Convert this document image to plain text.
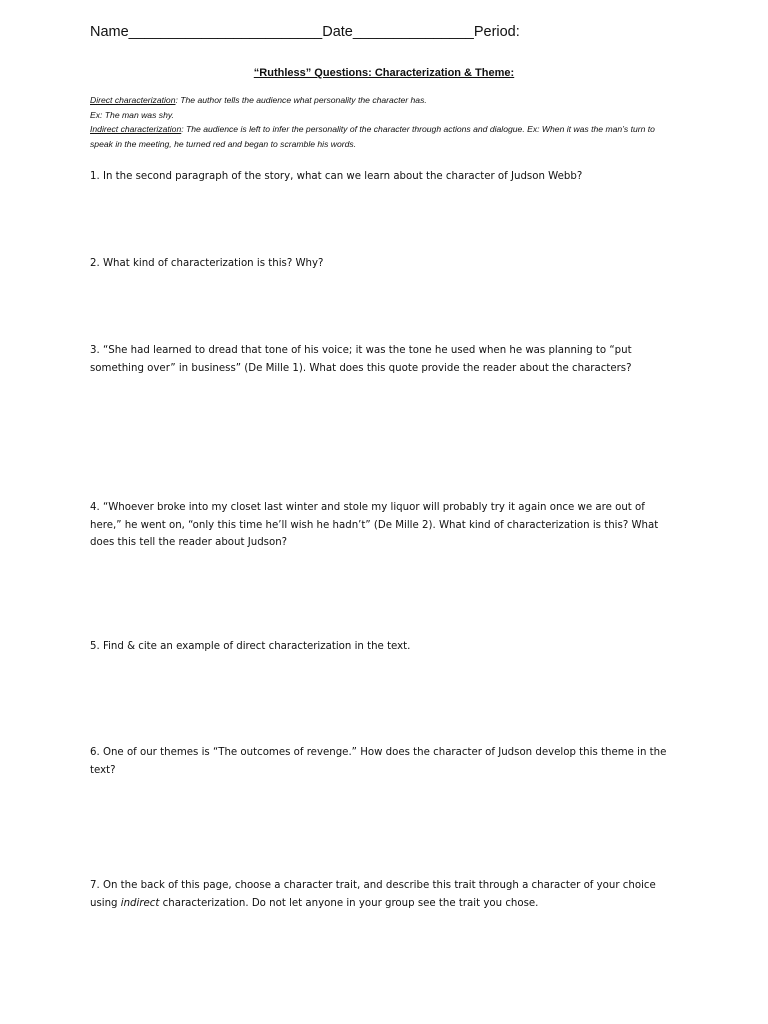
Name________________________Date_______________Period:
“Ruthless” Questions: Characterization & Theme:
Direct characterization: The author tells the audience what personality the character has.
Ex: The man was shy.
Indirect characterization: The audience is left to infer the personality of the character through actions and dialogue. Ex: When it was the man’s turn to speak in the meeting, he turned red and began to scramble his words.
1. In the second paragraph of the story, what can we learn about the character of Judson Webb?
2. What kind of characterization is this? Why?
3. “She had learned to dread that tone of his voice; it was the tone he used when he was planning to “put something over” in business” (De Mille 1). What does this quote provide the reader about the characters?
4. “Whoever broke into my closet last winter and stole my liquor will probably try it again once we are out of here,” he went on, “only this time he’ll wish he hadn’t” (De Mille 2). What kind of characterization is this? What does this tell the reader about Judson?
5. Find & cite an example of direct characterization in the text.
6. One of our themes is “The outcomes of revenge.” How does the character of Judson develop this theme in the text?
7. On the back of this page, choose a character trait, and describe this trait through a character of your choice using indirect characterization. Do not let anyone in your group see the trait you chose.
